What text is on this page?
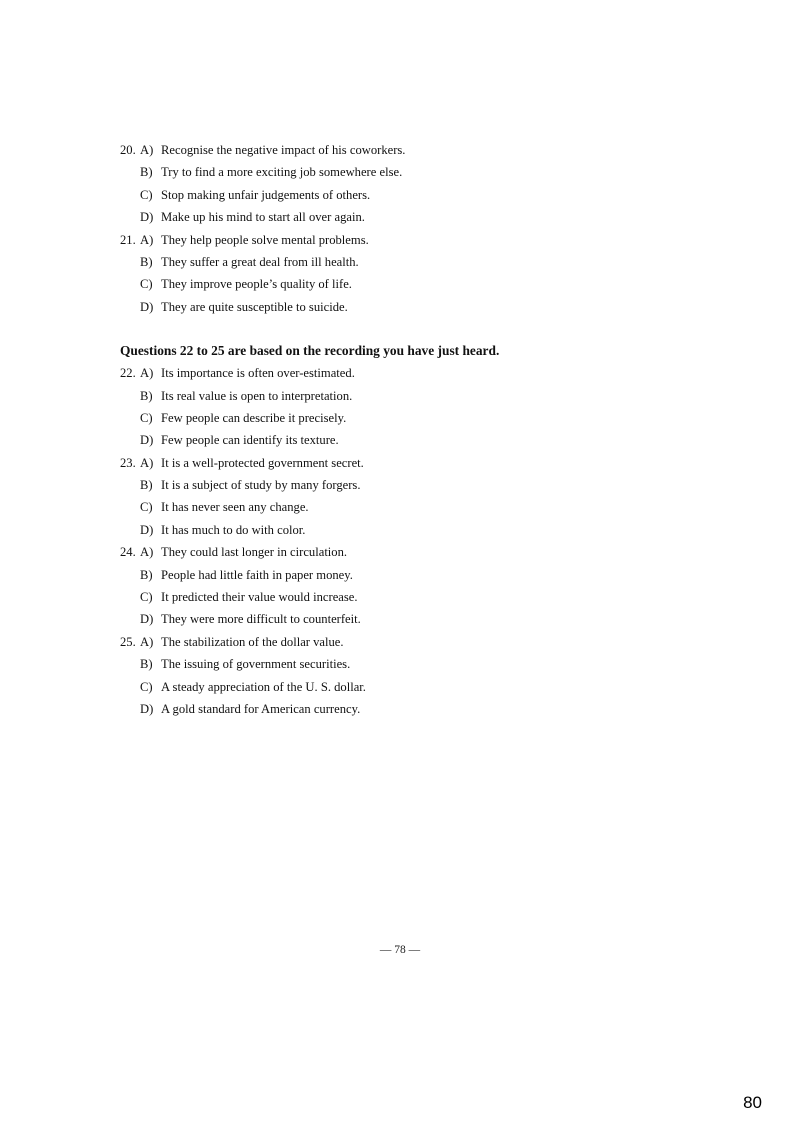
20. A) Recognise the negative impact of his coworkers.
B) Try to find a more exciting job somewhere else.
C) Stop making unfair judgements of others.
D) Make up his mind to start all over again.
21. A) They help people solve mental problems.
B) They suffer a great deal from ill health.
C) They improve people’s quality of life.
D) They are quite susceptible to suicide.
Questions 22 to 25 are based on the recording you have just heard.
22. A) Its importance is often over-estimated.
B) Its real value is open to interpretation.
C) Few people can describe it precisely.
D) Few people can identify its texture.
23. A) It is a well-protected government secret.
B) It is a subject of study by many forgers.
C) It has never seen any change.
D) It has much to do with color.
24. A) They could last longer in circulation.
B) People had little faith in paper money.
C) It predicted their value would increase.
D) They were more difficult to counterfeit.
25. A) The stabilization of the dollar value.
B) The issuing of government securities.
C) A steady appreciation of the U. S. dollar.
D) A gold standard for American currency.
— 78 —
80
